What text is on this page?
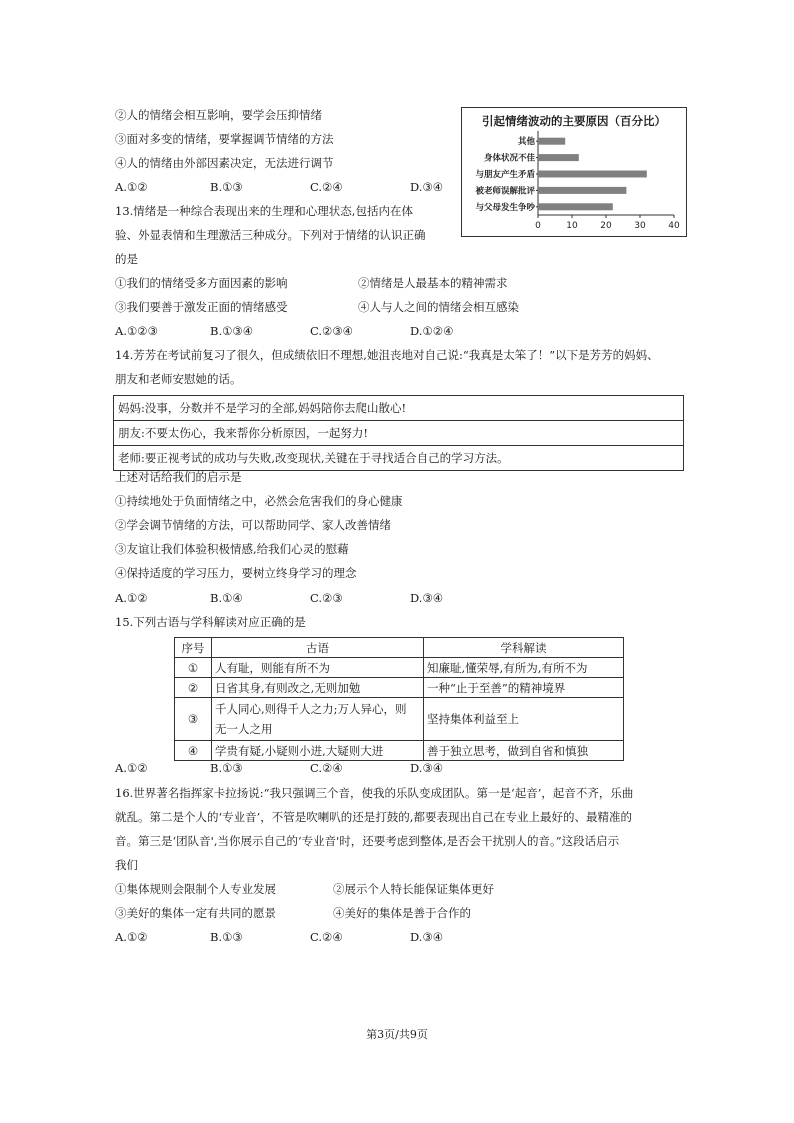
②人的情绪会相互影响，要学会压抑情绪
③面对多变的情绪，要掌握调节情绪的方法
④人的情绪由外部因素决定，无法进行调节
A.①②	B.①③	C.②④	D.③④
引起情绪波动的主要原因（百分比）
其他
身体状况不佳
与朋友产生矛盾
被老师误解批评
与父母发生争吵
0	10	20	30	40
13.情绪是一种综合表现出来的生理和心理状态,包括内在体
验、外显表情和生理激活三种成分。下列对于情绪的认识正确
的是
①我们的情绪受多方面因素的影响	②情绪是人最基本的精神需求
③我们要善于激发正面的情绪感受	④人与人之间的情绪会相互感染
A.①②③	B.①③④	C.②③④	D.①②④
14.芳芳在考试前复习了很久，但成绩依旧不理想,她沮丧地对自己说:“我真是太笨了！”以下是芳芳的妈妈、
朋友和老师安慰她的话。
妈妈:没事，分数并不是学习的全部,妈妈陪你去爬山散心!
朋友:不要太伤心，我来帮你分析原因，一起努力!
老师:要正视考试的成功与失败,改变现状,关键在于寻找适合自己的学习方法。
上述对话给我们的启示是
①持续地处于负面情绪之中，必然会危害我们的身心健康
②学会调节情绪的方法，可以帮助同学、家人改善情绪
③友谊让我们体验积极情感,给我们心灵的慰藉
④保持适度的学习压力，要树立终身学习的理念
A.①②	B.①④	C.②③	D.③④
15.下列古语与学科解读对应正确的是
序号	古语	学科解读
①	人有耻，则能有所不为	知廉耻,懂荣辱,有所为,有所不为
②	日省其身,有则改之,无则加勉	一种“止于至善”的精神境界
③	千人同心,则得千人之力;万人异心，则
无一人之用	坚持集体利益至上
④	学贵有疑,小疑则小进,大疑则大进	善于独立思考，做到自省和慎独
A.①②	B.①③	C.②④	D.③④
16.世界著名指挥家卡拉扬说:“我只强调三个音，使我的乐队变成团队。第一是‘起音’，起音不齐，乐曲
就乱。第二是个人的‘专业音’，不管是吹喇叭的还是打鼓的,都要表现出自己在专业上最好的、最精准的
音。第三是‘团队音',当你展示自己的‘专业音'时，还要考虑到整体,是否会干扰别人的音。”这段话启示
我们
①集体规则会限制个人专业发展	②展示个人特长能保证集体更好
③美好的集体一定有共同的愿景	④美好的集体是善于合作的
A.①②	B.①③	C.②④	D.③④
第3页/共9页
